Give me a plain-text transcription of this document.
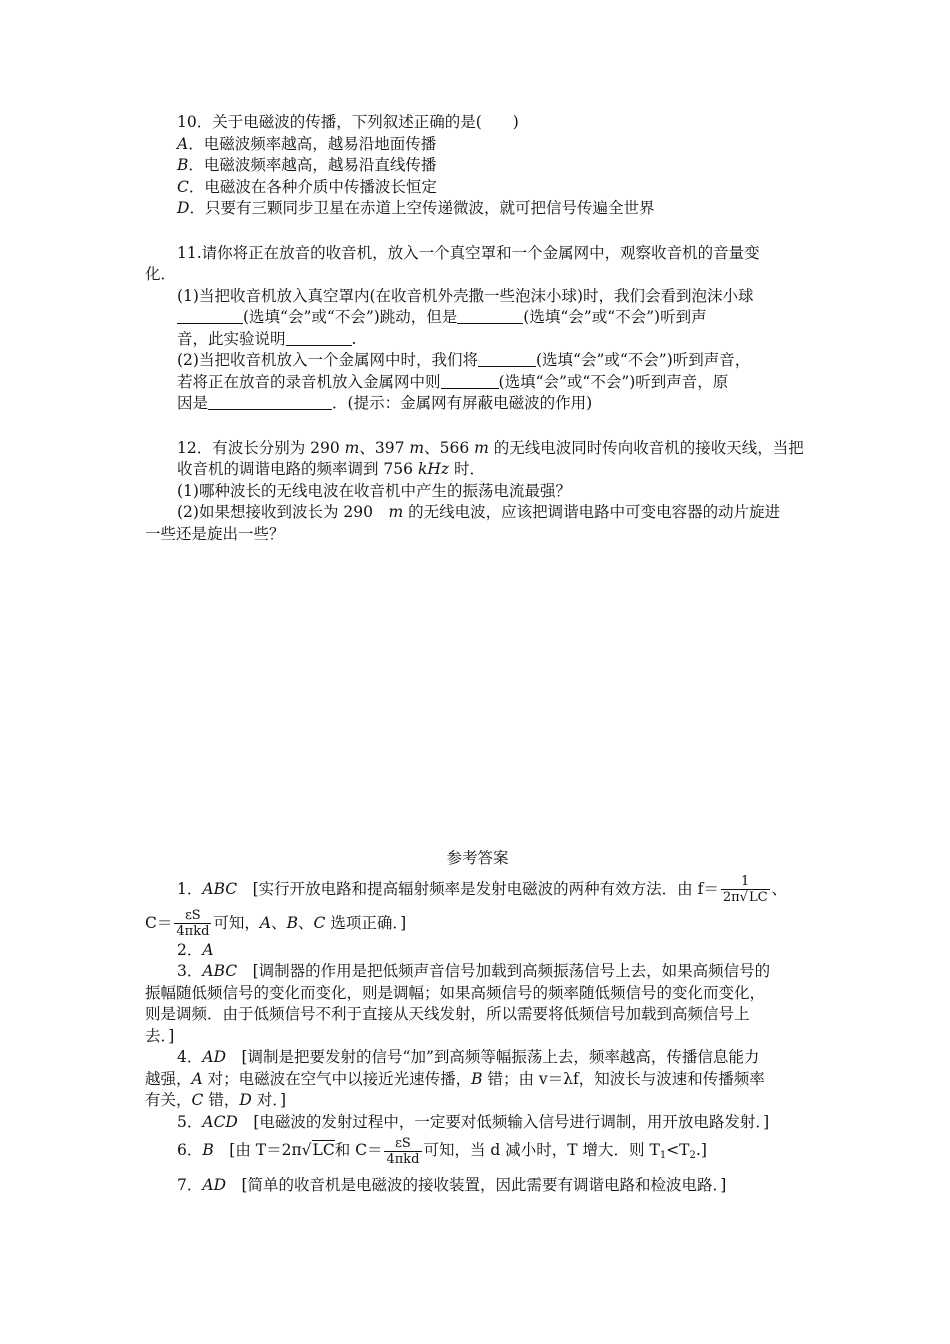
10．关于电磁波的传播，下列叙述正确的是(　　)
A．电磁波频率越高，越易沿地面传播
B．电磁波频率越高，越易沿直线传播
C．电磁波在各种介质中传播波长恒定
D．只要有三颗同步卫星在赤道上空传递微波，就可把信号传遍全世界
11.请你将正在放音的收音机，放入一个真空罩和一个金属网中，观察收音机的音量变
化．
(1)当把收音机放入真空罩内(在收音机外壳撒一些泡沫小球)时，我们会看到泡沫小球
(选填“会”或“不会”)跳动，但是	(选填“会”或“不会”)听到声
音，此实验说明	.
(2)当把收音机放入一个金属网中时，我们将	(选填“会”或“不会”)听到声音，
若将正在放音的录音机放入金属网中则	(选填“会”或“不会”)听到声音，原
因是	．(提示：金属网有屏蔽电磁波的作用)
12．有波长分别为 290 m、397 m、566 m 的无线电波同时传向收音机的接收天线，当把
收音机的调谐电路的频率调到 756 kHz 时．
(1)哪种波长的无线电波在收音机中产生的振荡电流最强？
(2)如果想接收到波长为 290　m 的无线电波，应该把调谐电路中可变电容器的动片旋进
一些还是旋出一些？
参考答案
1．ABC　[实行开放电路和提高辐射频率是发射电磁波的两种有效方法．由 $f= \frac{1}{2\pi√LC}$ 、
$C= \frac{\varepsilon S}{\text{4πkd}}$ 可知，A、B、C 选项正确．]
2．A
3．ABC　[调制器的作用是把低频声音信号加载到高频振荡信号上去，如果高频信号的
振幅随低频信号的变化而变化，则是调幅；如果高频信号的频率随低频信号的变化而变化，
则是调频．由于低频信号不利于直接从天线发射，所以需要将低频信号加载到高频信号上
去．]
4．AD　[调制是把要发射的信号“加”到高频等幅振荡上去，频率越高，传播信息能力
越强，A 对；电磁波在空气中以接近光速传播，B 错；由 v＝λf，知波长与波速和传播频率
有关，C 错，D 对．]
5．ACD　[电磁波的发射过程中，一定要对低频输入信号进行调制，用开放电路发射．]
6．B　[由 T＝2π√LC和 $C= \frac{\varepsilon S}{\text{4πkd}}$ 可知，当 d 减小时，T 增大．则 $T_1<T_2$.]
7．AD　[简单的收音机是电磁波的接收装置，因此需要有调谐电路和检波电路．]
